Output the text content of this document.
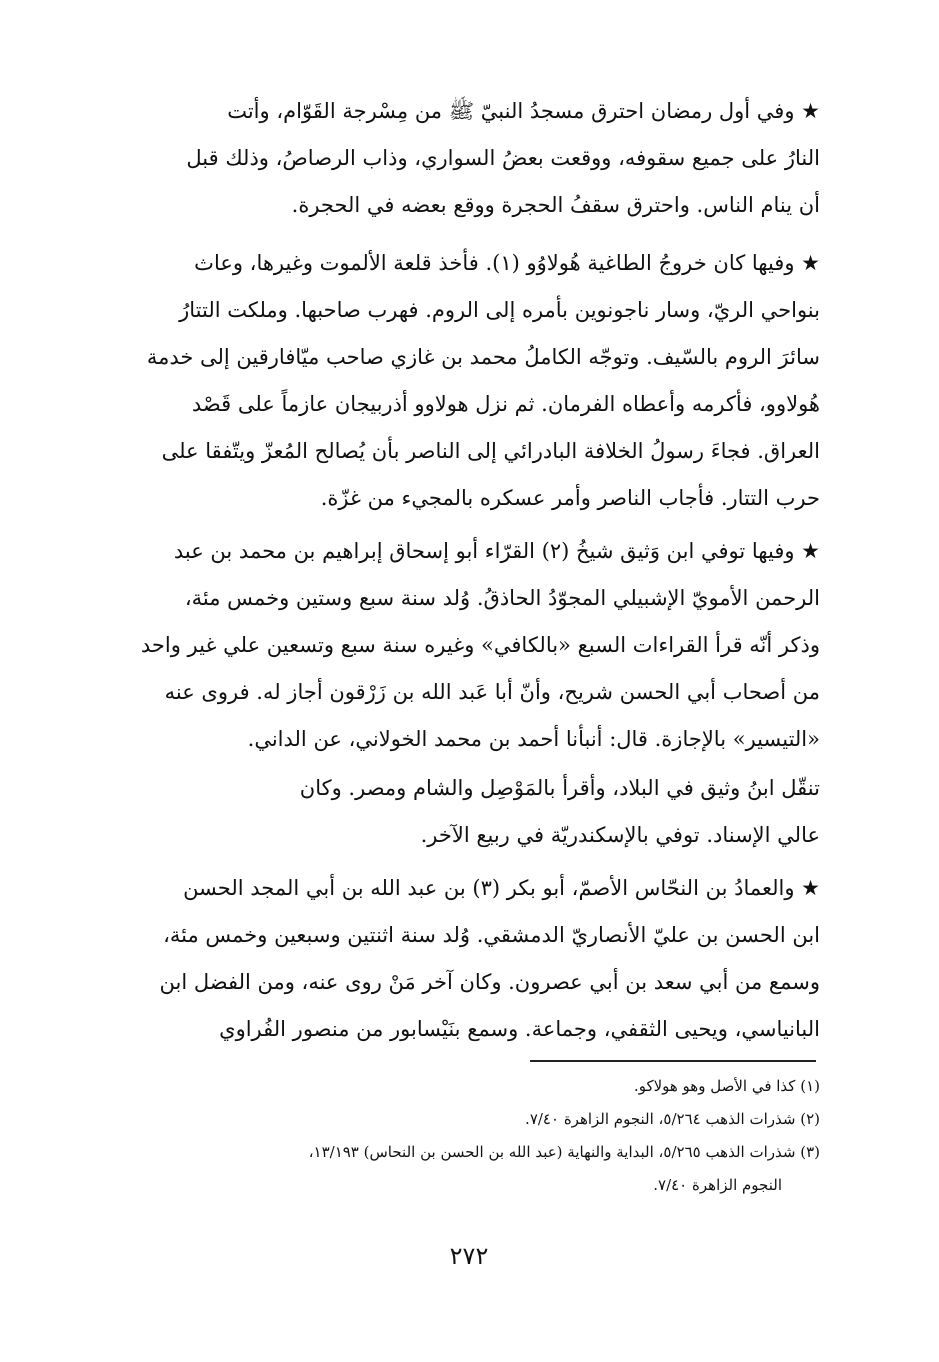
★ وفي أول رمضان احترق مسجدُ النبيّ ﷺ من مِسْرجة القَوّام، وأتت
النارُ على جميع سقوفه، ووقعت بعضُ السواري، وذاب الرصاصُ، وذلك قبل
أن ينام الناس. واحترق سقفُ الحجرة ووقع بعضه في الحجرة.
★ وفيها كان خروجُ الطاغية هُولاوُو (١). فأخذ قلعة الألموت وغيرها، وعاث
بنواحي الريّ، وسار ناجونوين بأمره إلى الروم. فهرب صاحبها. وملكت التتارُ
سائرَ الروم بالسّيف. وتوجّه الكاملُ محمد بن غازي صاحب ميّافارقين إلى خدمة
هُولاوو، فأكرمه وأعطاه الفرمان. ثم نزل هولاوو أذربيجان عازماً على قَصْد
العراق. فجاءَ رسولُ الخلافة البادرائي إلى الناصر بأن يُصالح المُعزّ ويتّفقا على
حرب التتار. فأجاب الناصر وأمر عسكره بالمجيء من غزّة.
★ وفيها توفي ابن وَثيق شيخُ (٢) القرّاء أبو إسحاق إبراهيم بن محمد بن عبد
الرحمن الأمويّ الإشبيلي المجوّدُ الحاذقُ. وُلد سنة سبع وستين وخمس مئة،
وذكر أنّه قرأ القراءات السبع «بالكافي» وغيره سنة سبع وتسعين علي غير واحد
من أصحاب أبي الحسن شريح، وأنّ أبا عَبد الله بن زَرْقون أجاز له. فروى عنه
«التيسير» بالإجازة. قال: أنبأنا أحمد بن محمد الخولاني، عن الداني.
تنقّل ابنُ وثيق في البلاد، وأقرأ بالمَوْصِل والشام ومصر. وكان
عالي الإسناد. توفي بالإسكندريّة في ربيع الآخر.
★ والعمادُ بن النحّاس الأصمّ، أبو بكر (٣) بن عبد الله بن أبي المجد الحسن
ابن الحسن بن عليّ الأنصاريّ الدمشقي. وُلد سنة اثنتين وسبعين وخمس مئة،
وسمع من أبي سعد بن أبي عصرون. وكان آخر مَنْ روى عنه، ومن الفضل ابن
البانياسي، ويحيى الثقفي، وجماعة. وسمع بنَيْسابور من منصور الفُراوي
(١) كذا في الأصل وهو هولاكو.
(٢) شذرات الذهب ٥/٢٦٤، النجوم الزاهرة ٧/٤٠.
(٣) شذرات الذهب ٥/٢٦٥، البداية والنهاية (عبد الله بن الحسن بن النحاس) ١٣/١٩٣،
النجوم الزاهرة ٧/٤٠.
٢٧٢
